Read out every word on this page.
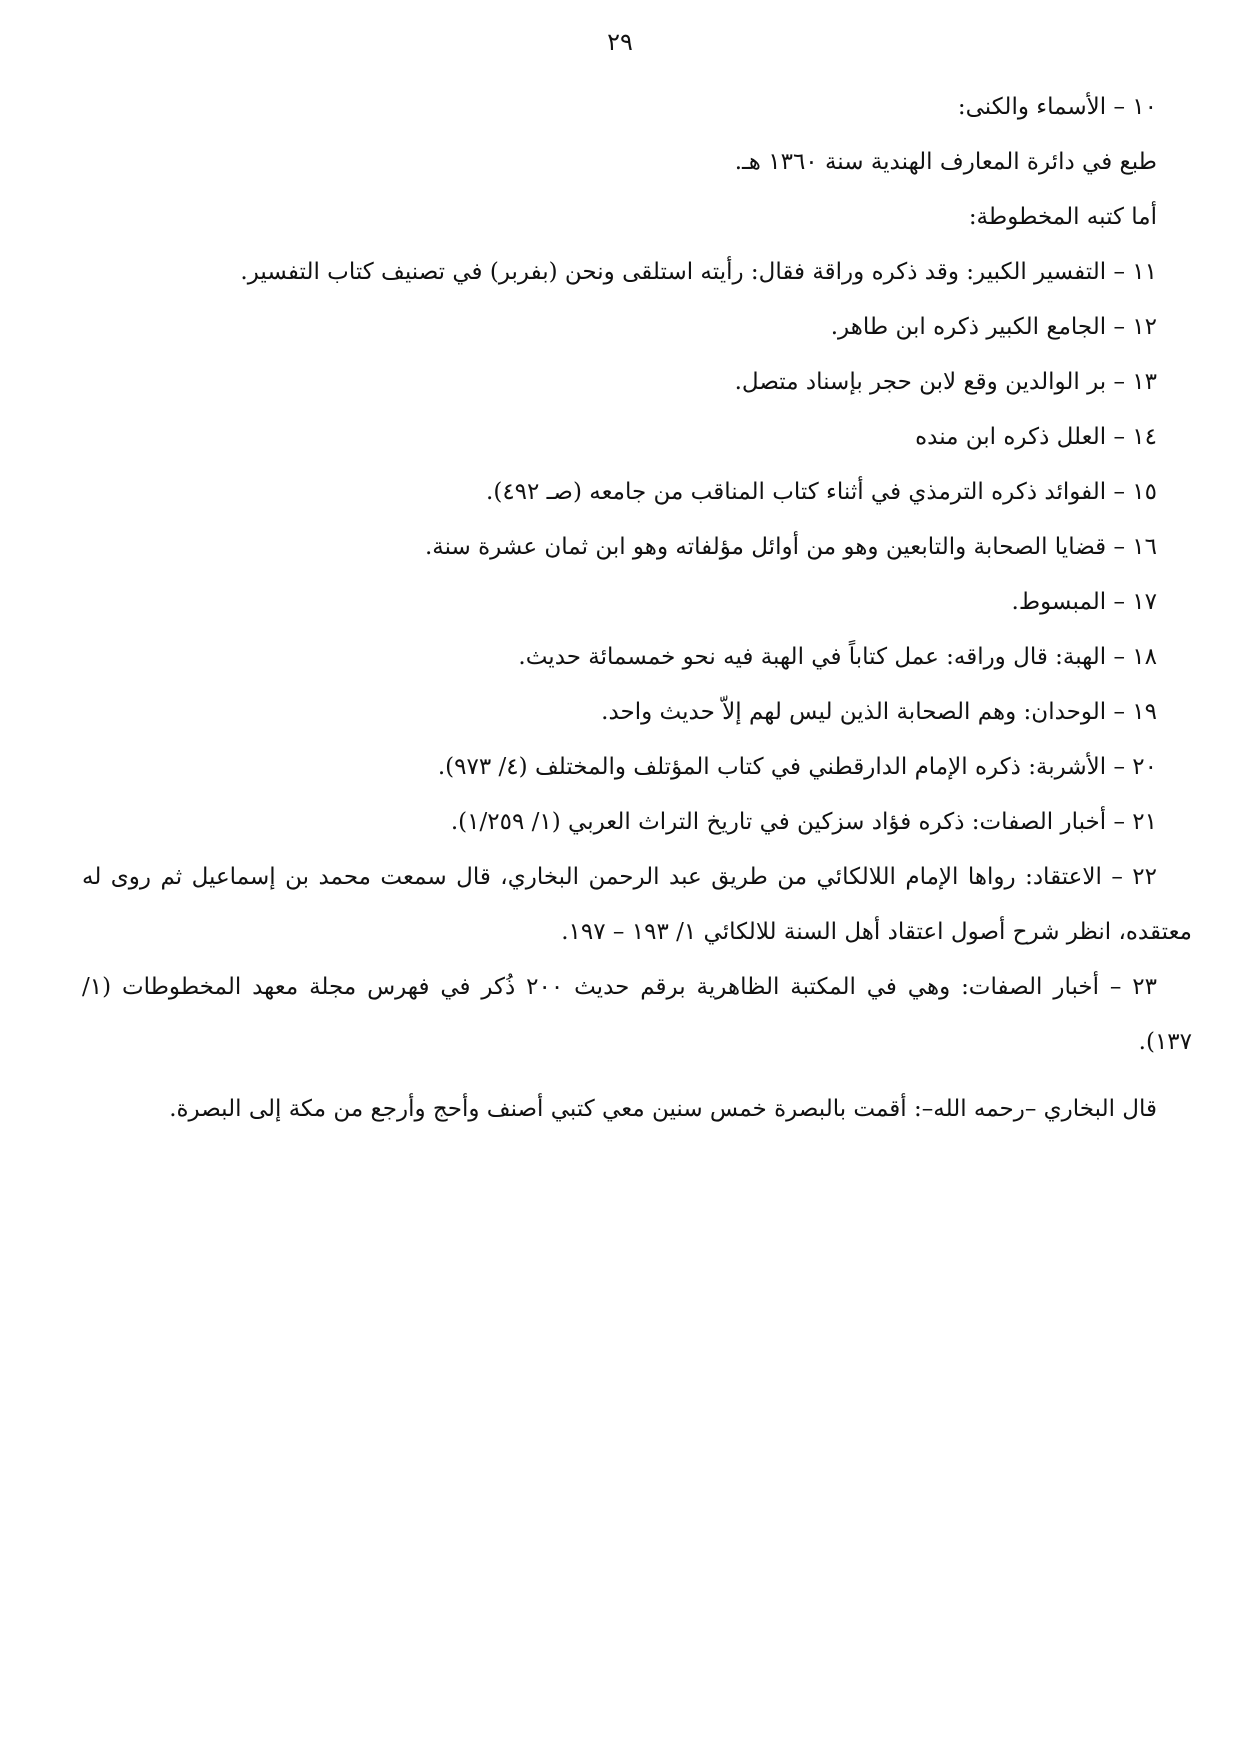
٢٩
١٠ – الأسماء والكنى:
طبع في دائرة المعارف الهندية سنة ١٣٦٠ هـ.
أما كتبه المخطوطة:
١١ – التفسير الكبير: وقد ذكره وراقة فقال: رأيته استلقى ونحن (بفربر) في تصنيف كتاب التفسير.
١٢ – الجامع الكبير ذكره ابن طاهر.
١٣ – بر الوالدين وقع لابن حجر بإسناد متصل.
١٤ – العلل ذكره ابن منده
١٥ – الفوائد ذكره الترمذي في أثناء كتاب المناقب من جامعه (صـ ٤٩٢).
١٦ – قضايا الصحابة والتابعين وهو من أوائل مؤلفاته وهو ابن ثمان عشرة سنة.
١٧ – المبسوط.
١٨ – الهبة: قال وراقه: عمل كتاباً في الهبة فيه نحو خمسمائة حديث.
١٩ – الوحدان: وهم الصحابة الذين ليس لهم إلاّ حديث واحد.
٢٠ – الأشربة: ذكره الإمام الدارقطني في كتاب المؤتلف والمختلف (٤/ ٩٧٣).
٢١ – أخبار الصفات: ذكره فؤاد سزكين في تاريخ التراث العربي (١/ ١/٢٥٩).
٢٢ – الاعتقاد: رواها الإمام اللالكائي من طريق عبد الرحمن البخاري، قال سمعت محمد بن إسماعيل ثم روى له
معتقده، انظر شرح أصول اعتقاد أهل السنة للالكائي ١/ ١٩٣ – ١٩٧.
٢٣ – أخبار الصفات: وهي في المكتبة الظاهرية برقم حديث ٢٠٠ ذُكر في فهرس مجلة معهد المخطوطات (١/
١٣٧).
قال البخاري –رحمه الله–: أقمت بالبصرة خمس سنين معي كتبي أصنف وأحج وأرجع من مكة إلى البصرة.
